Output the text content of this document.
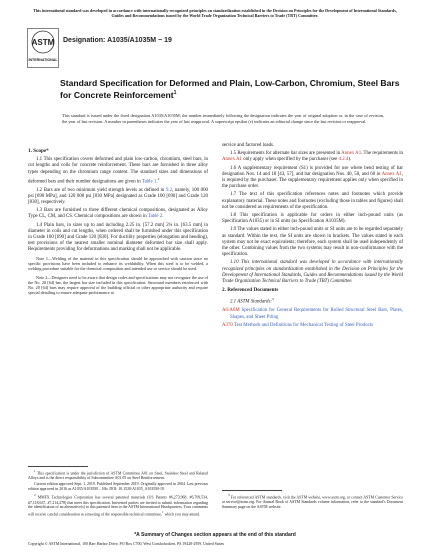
This international standard was developed in accordance with internationally recognized principles on standardization established in the Decision on Principles for the Development of International Standards, Guides and Recommendations issued by the World Trade Organization Technical Barriers to Trade (TBT) Committee.
ASTM
INTERNATIONAL
Designation: A1035/A1035M − 19
Standard Specification for Deformed and Plain, Low-Carbon, Chromium, Steel Bars for Concrete Reinforcement$^1$
This standard is issued under the fixed designation A1035/A1035M; the number immediately following the designation indicates the year of original adoption or, in the case of revision, the year of last revision. A number in parentheses indicates the year of last reapproval. A superscript epsilon (ε) indicates an editorial change since the last revision or reapproval.

1. Scope*

1.1 This specification covers deformed and plain low-carbon, chromium, steel bars, in cut lengths and coils for concrete reinforcement. These bars are furnished in three alloy types depending on the chromium range content. The standard sizes and dimensions of deformed bars and their number designations are given in Table 1.$^2$

1.2 Bars are of two minimum yield strength levels as defined in 9.2, namely, 100 000 psi [690 MPa], and 120 000 psi [830 MPa] designated as Grade 100 [690] and Grade 120 [830], respectively.

1.3 Bars are furnished to three different chemical compositions, designated as Alloy Type CL, CM, and CS. Chemical compositions are shown in Table 2.

1.4 Plain bars, in sizes up to and including 2.25 in. [57.2 mm] 2¼ in. [63.5 mm] in diameter in coils and cut lengths, when ordered shall be furnished under this specification in Grade 100 [690] and Grade 120 [830]. For ductility properties (elongation and bending), test provisions of the nearest smaller nominal diameter deformed bar size shall apply. Requirements providing for deformations and marking shall not be applicable.

Note 1—Welding of the material in this specification should be approached with caution since no specific provisions have been included to enhance its weldability. When this steel is to be welded, a welding procedure suitable for the chemical composition and intended use or service should be used.

Note 2—Designers need to be aware that design codes and specifications may not recognize the use of the No. 20 [64] bar, the largest bar size included in this specification. Structural members reinforced with No. 20 [64] bars may require approval of the building official or other appropriate authority and require special detailing to ensure adequate performance at

$^1$ This specification is under the jurisdiction of ASTM Committee A01 on Steel, Stainless Steel and Related Alloys and is the direct responsibility of Subcommittee A01.05 on Steel Reinforcement.

Current edition approved Sept. 1, 2019. Published September 2019. Originally approved in 2004. Last previous edition approved in 2016 as A1035/A1035M – 16b. DOI: 10.1520/A1035_A1035M-19.

$^2$ MMFX Technologies Corporation has several patented materials (US Patents #6,273,968, #6,709,534, #7,118,637, #7,214,278) that meet this specification. Interested parties are invited to submit information regarding the identification of an alternative(s) to this patented item to the ASTM International Headquarters. Your comments will receive careful consideration at a meeting of the responsible technical committee,$^1$ which you may attend.

service and factored loads.

1.5 Requirements for alternate bar sizes are presented in Annex A1. The requirements in Annex A1 only apply when specified by the purchaser (see 4.2.4).

1.6 A supplementary requirement (S1) is provided for use where bend testing of bar designation Nos. 14 and 18 [43, 57], and bar designation Nos. 40, 50, and 60 in Annex A1, is required by the purchaser. The supplementary requirement applies only when specified in the purchase order.

1.7 The text of this specification references notes and footnotes which provide explanatory material. These notes and footnotes (excluding those in tables and figures) shall not be considered as requirements of the specification.

1.8 This specification is applicable for orders in either inch-pound units (as Specification A1035) or in SI units (as Specification A1035M).

1.9 The values stated in either inch-pound units or SI units are to be regarded separately as standard. Within the text, the SI units are shown in brackets. The values stated in each system may not be exact equivalents; therefore, each system shall be used independently of the other. Combining values from the two systems may result in non-conformance with the specification.

1.10 This international standard was developed in accordance with internationally recognized principles on standardization established in the Decision on Principles for the Development of International Standards, Guides and Recommendations issued by the World Trade Organization Technical Barriers to Trade (TBT) Committee.

2. Referenced Documents

2.1 ASTM Standards:$^3$

A6/A6M Specification for General Requirements for Rolled Structural Steel Bars, Plates, Shapes, and Sheet Piling

A370 Test Methods and Definitions for Mechanical Testing of Steel Products

$^3$ For referenced ASTM standards, visit the ASTM website, www.astm.org, or contact ASTM Customer Service at service@astm.org. For Annual Book of ASTM Standards volume information, refer to the standard's Document Summary page on the ASTM website.

*A Summary of Changes section appears at the end of this standard
Copyright © ASTM International, 100 Barr Harbor Drive, PO Box C700, West Conshohocken, PA 19428-2959. United States
